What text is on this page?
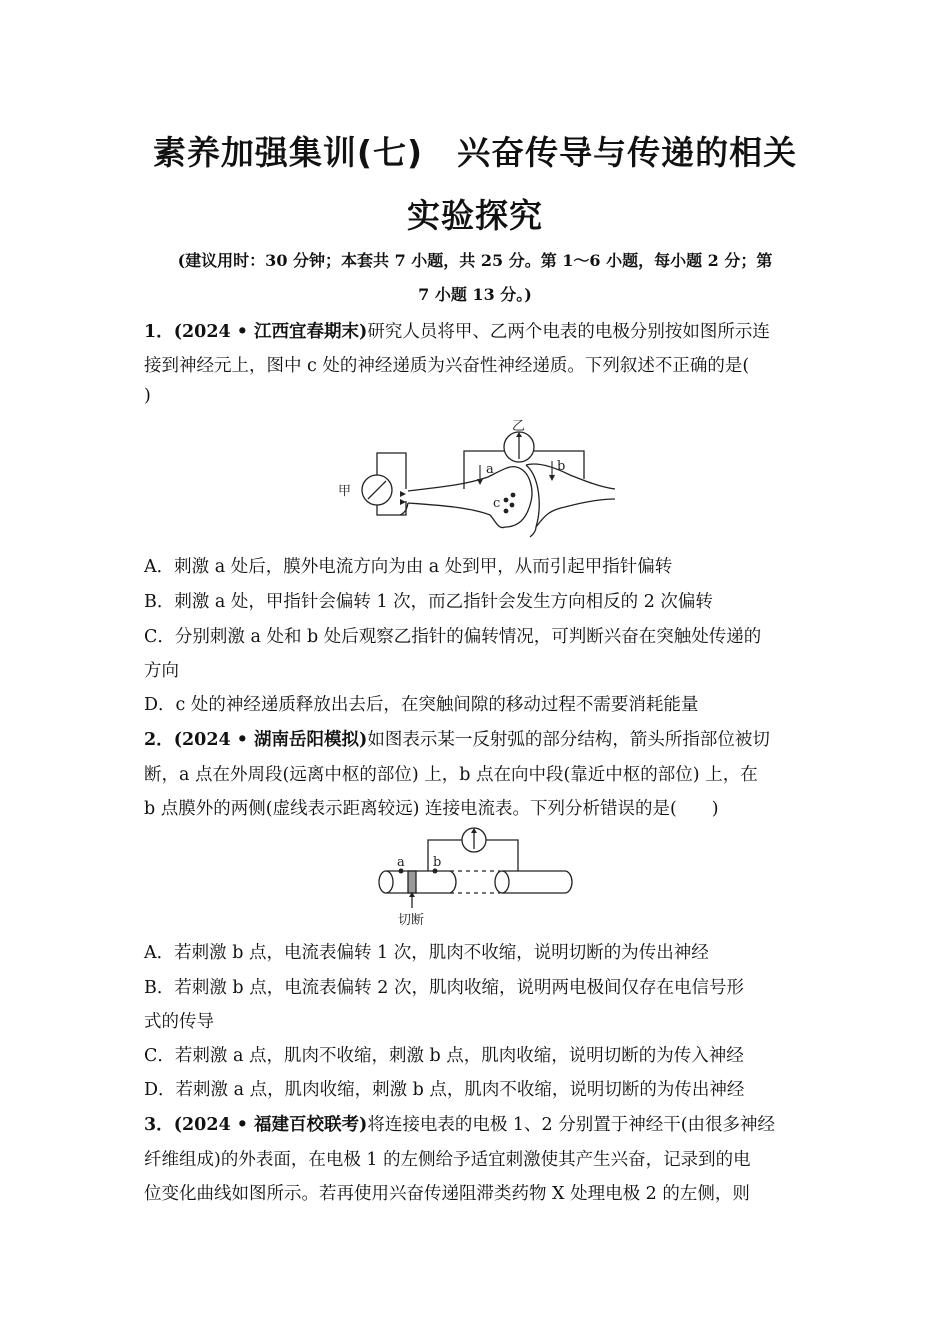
素养加强集训(七)　兴奋传导与传递的相关
实验探究
(建议用时：30 分钟；本套共 7 小题，共 25 分。第 1～6 小题，每小题 2 分；第
7 小题 13 分。)
1．(2024 • 江西宜春期末)研究人员将甲、乙两个电表的电极分别按如图所示连
接到神经元上，图中 c 处的神经递质为兴奋性神经递质。下列叙述不正确的是(
)
甲
乙
a	b
c
A．刺激 a 处后，膜外电流方向为由 a 处到甲，从而引起甲指针偏转
B．刺激 a 处，甲指针会偏转 1 次，而乙指针会发生方向相反的 2 次偏转
C．分别刺激 a 处和 b 处后观察乙指针的偏转情况，可判断兴奋在突触处传递的
方向
D．c 处的神经递质释放出去后，在突触间隙的移动过程不需要消耗能量
2．(2024 • 湖南岳阳模拟)如图表示某一反射弧的部分结构，箭头所指部位被切
断，a 点在外周段(远离中枢的部位) 上，b 点在向中段(靠近中枢的部位) 上，在
b 点膜外的两侧(虚线表示距离较远) 连接电流表。下列分析错误的是(　　)
a b
切断
A．若刺激 b 点，电流表偏转 1 次，肌肉不收缩，说明切断的为传出神经
B．若刺激 b 点，电流表偏转 2 次，肌肉收缩，说明两电极间仅存在电信号形
式的传导
C．若刺激 a 点，肌肉不收缩，刺激 b 点，肌肉收缩，说明切断的为传入神经
D．若刺激 a 点，肌肉收缩，刺激 b 点，肌肉不收缩，说明切断的为传出神经
3．(2024 • 福建百校联考)将连接电表的电极 1、2 分别置于神经干(由很多神经
纤维组成)的外表面，在电极 1 的左侧给予适宜刺激使其产生兴奋，记录到的电
位变化曲线如图所示。若再使用兴奋传递阻滞类药物 X 处理电极 2 的左侧，则
